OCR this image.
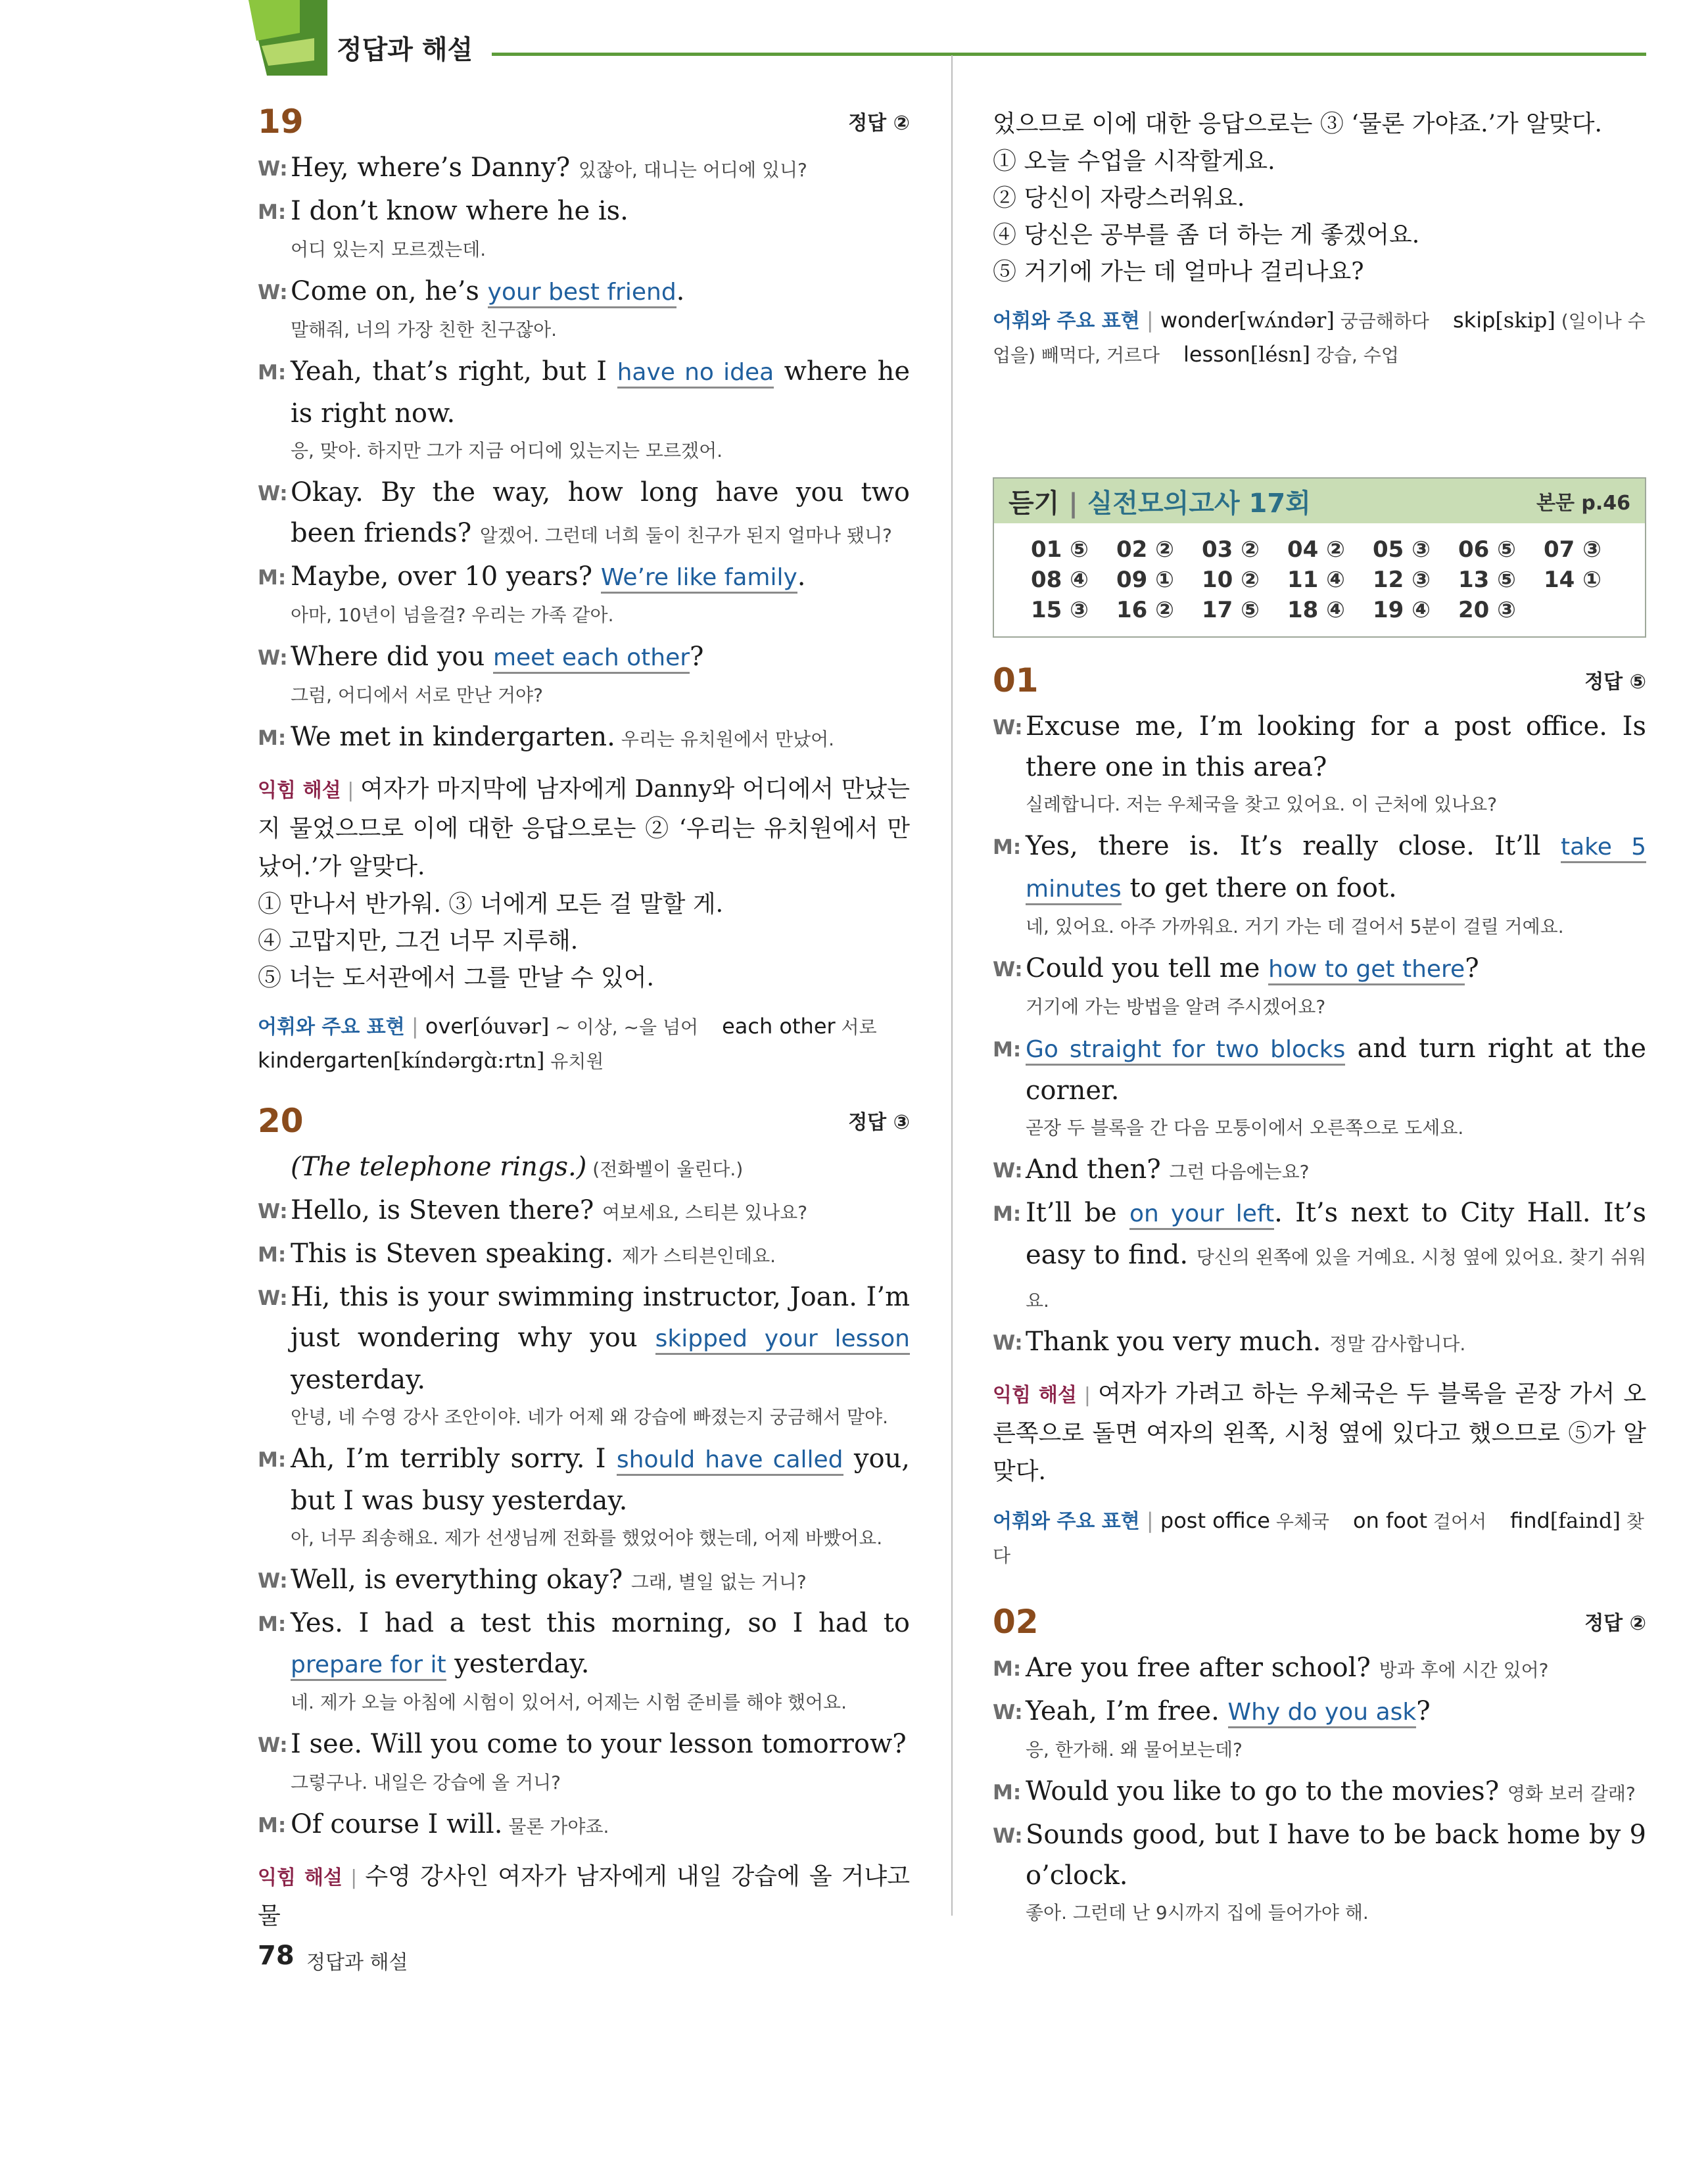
정답과 해설
19	정답 ②
W: Hey, where’s Danny? 있잖아, 대니는 어디에 있니?
M: I don’t know where he is.
어디 있는지 모르겠는데.
W: Come on, he’s your best friend.
말해줘, 너의 가장 친한 친구잖아.
M: Yeah, that’s right, but I have no idea where he is right now.
응, 맞아. 하지만 그가 지금 어디에 있는지는 모르겠어.
W: Okay. By the way, how long have you two been friends? 알겠어. 그런데 너희 둘이 친구가 된지 얼마나 됐니?
M: Maybe, over 10 years? We’re like family.
아마, 10년이 넘을걸? 우리는 가족 같아.
W: Where did you meet each other?
그럼, 어디에서 서로 만난 거야?
M: We met in kindergarten. 우리는 유치원에서 만났어.
익힘 해설 | 여자가 마지막에 남자에게 Danny와 어디에서 만났는지 물었으므로 이에 대한 응답으로는 ② ‘우리는 유치원에서 만났어.’가 알맞다.
① 만나서 반가워. ③ 너에게 모든 걸 말할 게.
④ 고맙지만, 그건 너무 지루해.
⑤ 너는 도서관에서 그를 만날 수 있어.
어휘와 주요 표현 | over[óuvər] ~ 이상, ~을 넘어 each other 서로kindergarten[kíndərgɑ̀:rtn] 유치원
20	정답 ③
(The telephone rings.) (전화벨이 울린다.)
W: Hello, is Steven there? 여보세요, 스티븐 있나요?
M: This is Steven speaking. 제가 스티븐인데요.
W: Hi, this is your swimming instructor, Joan. I’m just wondering why you skipped your lesson yesterday.
안녕, 네 수영 강사 조안이야. 네가 어제 왜 강습에 빠졌는지 궁금해서 말야.
M: Ah, I’m terribly sorry. I should have called you, but I was busy yesterday.
아, 너무 죄송해요. 제가 선생님께 전화를 했었어야 했는데, 어제 바빴어요.
W: Well, is everything okay? 그래, 별일 없는 거니?
M: Yes. I had a test this morning, so I had to prepare for it yesterday.
네. 제가 오늘 아침에 시험이 있어서, 어제는 시험 준비를 해야 했어요.
W: I see. Will you come to your lesson tomorrow?
그렇구나. 내일은 강습에 올 거니?
M: Of course I will. 물론 가야죠.
익힘 해설 | 수영 강사인 여자가 남자에게 내일 강습에 올 거냐고 물
었으므로 이에 대한 응답으로는 ③ ‘물론 가야죠.’가 알맞다.
① 오늘 수업을 시작할게요.
② 당신이 자랑스러워요.
④ 당신은 공부를 좀 더 하는 게 좋겠어요.
⑤ 거기에 가는 데 얼마나 걸리나요?
어휘와 주요 표현 | wonder[wʌ́ndər] 궁금해하다 skip[skip] (일이나 수업을) 빼먹다, 거르다 lesson[lésn] 강습, 수업
듣기 | 실전모의고사 17회	본문 p.46
01 ⑤	02 ②	03 ②	04 ②	05 ③	06 ⑤	07 ③
08 ④	09 ①	10 ②	11 ④	12 ③	13 ⑤	14 ①
15 ③	16 ②	17 ⑤	18 ④	19 ④	20 ③
01	정답 ⑤
W: Excuse me, I’m looking for a post office. Is there one in this area?
실례합니다. 저는 우체국을 찾고 있어요. 이 근처에 있나요?
M: Yes, there is. It’s really close. It’ll take 5 minutes to get there on foot.
네, 있어요. 아주 가까워요. 거기 가는 데 걸어서 5분이 걸릴 거예요.
W: Could you tell me how to get there?
거기에 가는 방법을 알려 주시겠어요?
M: Go straight for two blocks and turn right at the corner.
곧장 두 블록을 간 다음 모퉁이에서 오른쪽으로 도세요.
W: And then? 그런 다음에는요?
M: It’ll be on your left. It’s next to City Hall. It’s easy to find. 당신의 왼쪽에 있을 거예요. 시청 옆에 있어요. 찾기 쉬워요.
W: Thank you very much. 정말 감사합니다.
익힘 해설 | 여자가 가려고 하는 우체국은 두 블록을 곧장 가서 오른쪽으로 돌면 여자의 왼쪽, 시청 옆에 있다고 했으므로 ⑤가 알맞다.
어휘와 주요 표현 | post office 우체국 on foot 걸어서 find[faind] 찾다
02	정답 ②
M: Are you free after school? 방과 후에 시간 있어?
W: Yeah, I’m free. Why do you ask?
응, 한가해. 왜 물어보는데?
M: Would you like to go to the movies? 영화 보러 갈래?
W: Sounds good, but I have to be back home by 9 o’clock.
좋아. 그런데 난 9시까지 집에 들어가야 해.
78 정답과 해설
